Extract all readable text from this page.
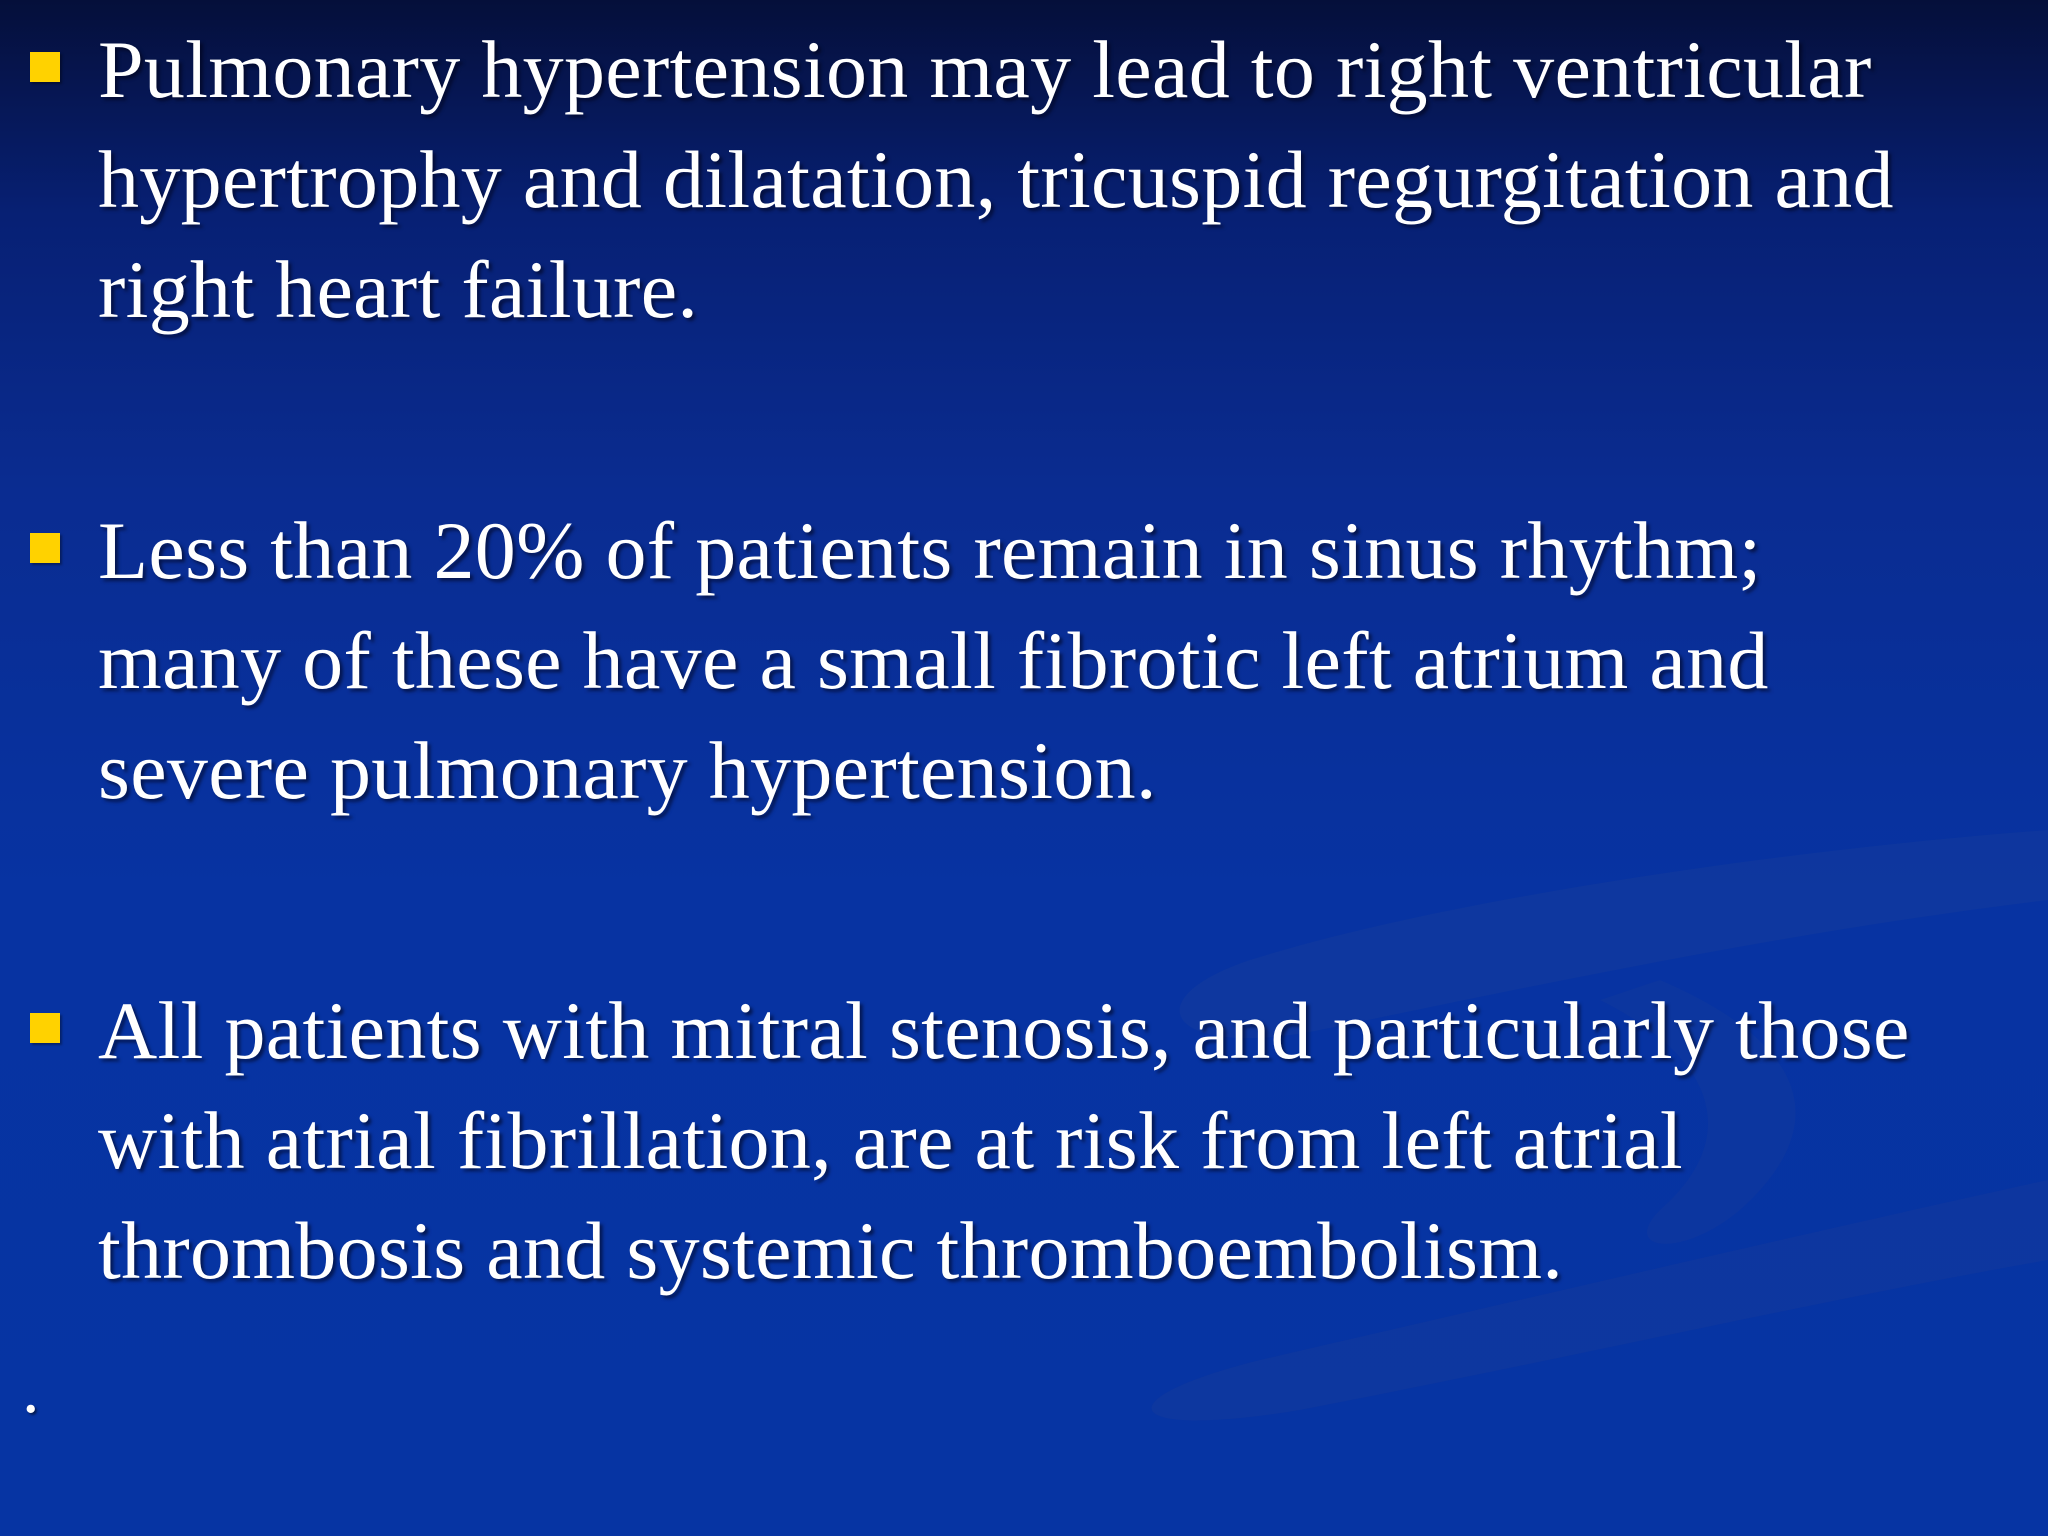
Pulmonary hypertension may lead to right ventricular
hypertrophy and dilatation, tricuspid regurgitation and
right heart failure.

Less than 20% of patients remain in sinus rhythm;
many of these have a small fibrotic left atrium and
severe pulmonary hypertension.

All patients with mitral stenosis, and particularly those
with atrial fibrillation, are at risk from left atrial
thrombosis and systemic thromboembolism.

.
